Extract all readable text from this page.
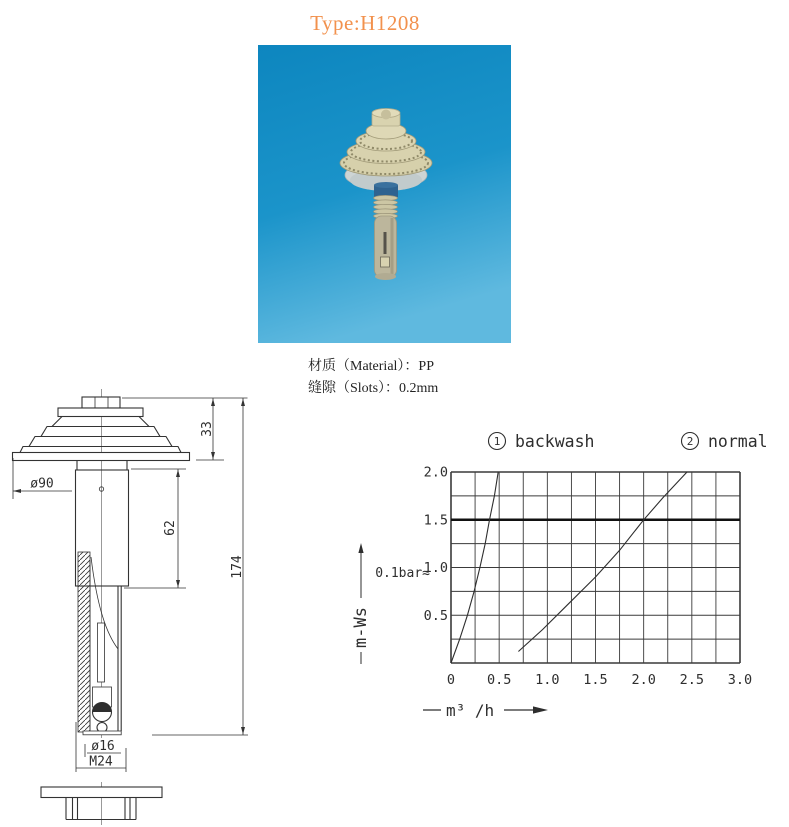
Type:H1208
材质（Material）：PP
缝隙（Slots）：0.2mm
33
62
174
ø90
ø16
M24
0 0.5 1.0 1.5 2.0 2.5 3.0
0.5
1.0
1.5
2.0
1 backwash	2 normal
m-Ws
0.1bar≈
m³ /h
